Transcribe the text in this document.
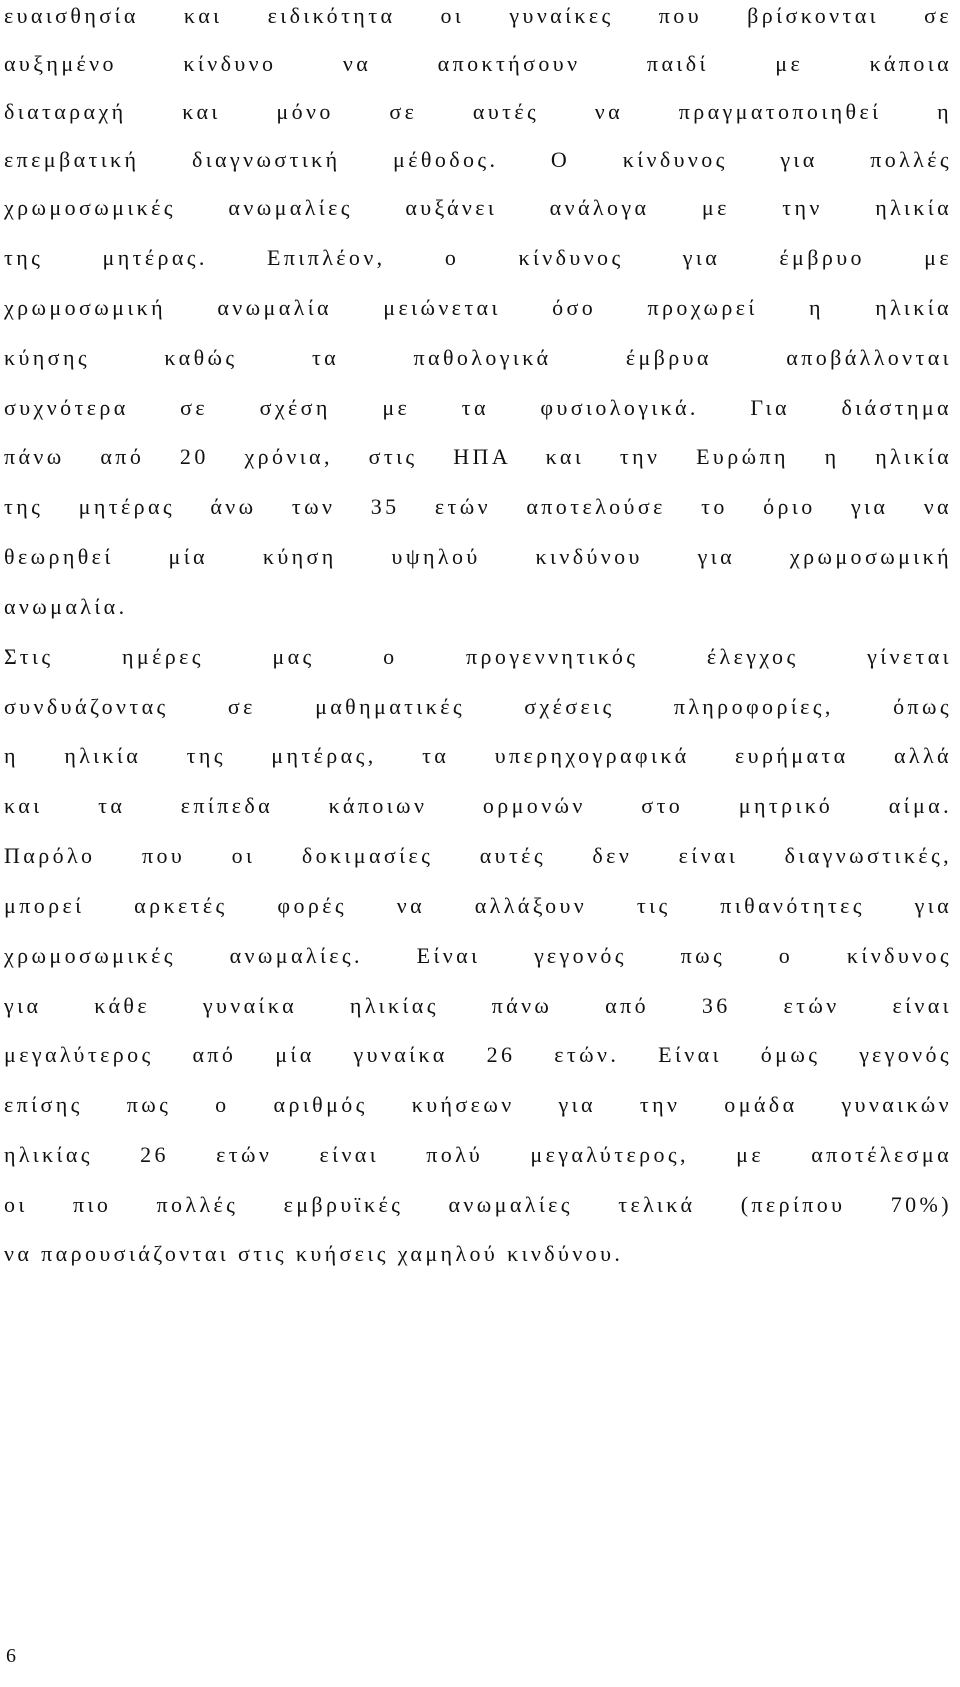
ευαισθησία και ειδικότητα οι γυναίκες που βρίσκονται σε
αυξημένο κίνδυνο να αποκτήσουν παιδί με κάποια
διαταραχή και μόνο σε αυτές να πραγματοποιηθεί η
επεμβατική διαγνωστική μέθοδος. Ο κίνδυνος για πολλές
χρωμοσωμικές ανωμαλίες αυξάνει ανάλογα με την ηλικία
της μητέρας. Επιπλέον, ο κίνδυνος για έμβρυο με
χρωμοσωμική ανωμαλία μειώνεται όσο προχωρεί η ηλικία
κύησης καθώς τα παθολογικά έμβρυα αποβάλλονται
συχνότερα σε σχέση με τα φυσιολογικά. Για διάστημα
πάνω από 20 χρόνια, στις ΗΠΑ και την Ευρώπη η ηλικία
της μητέρας άνω των 35 ετών αποτελούσε το όριο για να
θεωρηθεί μία κύηση υψηλού κινδύνου για χρωμοσωμική
ανωμαλία.
Στις ημέρες μας ο προγεννητικός έλεγχος γίνεται
συνδυάζοντας σε μαθηματικές σχέσεις πληροφορίες, όπως
η ηλικία της μητέρας, τα υπερηχογραφικά ευρήματα αλλά
και τα επίπεδα κάποιων ορμονών στο μητρικό αίμα.
Παρόλο που οι δοκιμασίες αυτές δεν είναι διαγνωστικές,
μπορεί αρκετές φορές να αλλάξουν τις πιθανότητες για
χρωμοσωμικές ανωμαλίες. Είναι γεγονός πως ο κίνδυνος
για κάθε γυναίκα ηλικίας πάνω από 36 ετών είναι
μεγαλύτερος από μία γυναίκα 26 ετών. Είναι όμως γεγονός
επίσης πως ο αριθμός κυήσεων για την ομάδα γυναικών
ηλικίας 26 ετών είναι πολύ μεγαλύτερος, με αποτέλεσμα
οι πιο πολλές εμβρυϊκές ανωμαλίες τελικά (περίπου 70%)
να παρουσιάζονται στις κυήσεις χαμηλού κινδύνου.
6
